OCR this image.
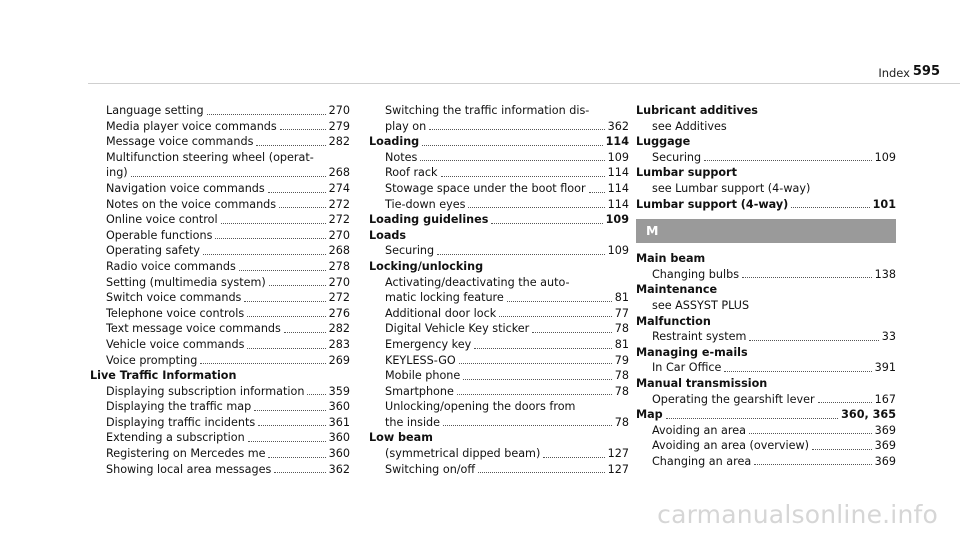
Index 595
Language setting	270
Media player voice commands	279
Message voice commands	282
Multifunction steering wheel (operat-
ing)	268
Navigation voice commands	274
Notes on the voice commands	272
Online voice control	272
Operable functions	270
Operating safety	268
Radio voice commands	278
Setting (multimedia system)	270
Switch voice commands	272
Telephone voice controls	276
Text message voice commands	282
Vehicle voice commands	283
Voice prompting	269
Live Traffic Information
Displaying subscription information 359
Displaying the traffic map	360
Displaying traffic incidents	361
Extending a subscription	360
Registering on Mercedes me	360
Showing local area messages	362
Switching the traffic information dis-
play on	362
Loading	114
Notes	109
Roof rack	114
Stowage space under the boot floor 114
Tie-down eyes	114
Loading guidelines	109
Loads
Securing	109
Locking/unlocking
Activating/deactivating the auto-
matic locking feature	81
Additional door lock	77
Digital Vehicle Key sticker	78
Emergency key	81
KEYLESS-GO	79
Mobile phone	78
Smartphone	78
Unlocking/opening the doors from
the inside	78
Low beam
(symmetrical dipped beam)	127
Switching on/off	127
Lubricant additives
see Additives
Luggage
Securing	109
Lumbar support
see Lumbar support (4-way)
Lumbar support (4-way)	101
M
Main beam
Changing bulbs	138
Maintenance
see ASSYST PLUS
Malfunction
Restraint system	33
Managing e-mails
In Car Office	391
Manual transmission
Operating the gearshift lever	167
Map	360, 365
Avoiding an area	369
Avoiding an area (overview)	369
Changing an area	369
carmanualsonline.info
